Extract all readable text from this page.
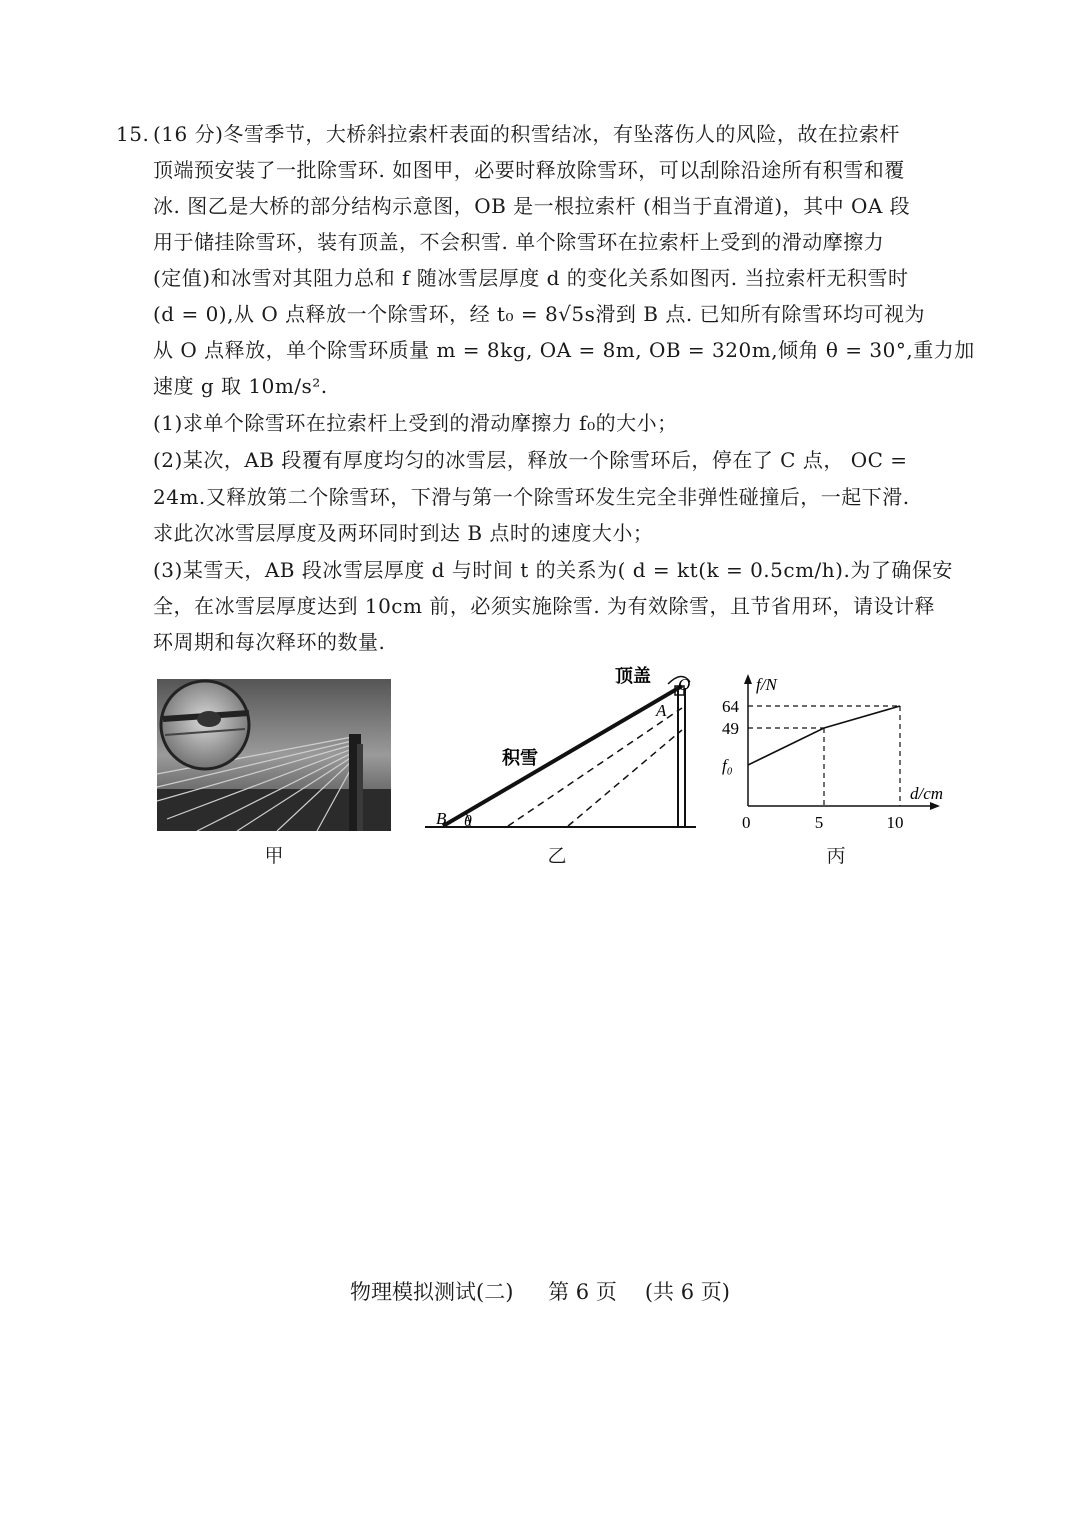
15. (16 分)冬雪季节，大桥斜拉索杆表面的积雪结冰，有坠落伤人的风险，故在拉索杆
顶端预安装了一批除雪环. 如图甲，必要时释放除雪环，可以刮除沿途所有积雪和覆
冰. 图乙是大桥的部分结构示意图，OB 是一根拉索杆 (相当于直滑道)，其中 OA 段
用于储挂除雪环，装有顶盖，不会积雪. 单个除雪环在拉索杆上受到的滑动摩擦力
(定值)和冰雪对其阻力总和 f 随冰雪层厚度 d 的变化关系如图丙. 当拉索杆无积雪时
(d = 0),从 O 点释放一个除雪环，经 t₀ = 8√5s滑到 B 点. 已知所有除雪环均可视为
从 O 点释放，单个除雪环质量 m = 8kg, OA = 8m, OB = 320m,倾角 θ = 30°,重力加
速度 g 取 10m/s².
(1)求单个除雪环在拉索杆上受到的滑动摩擦力 f₀的大小；
(2)某次，AB 段覆有厚度均匀的冰雪层，释放一个除雪环后，停在了 C 点， OC =
24m.又释放第二个除雪环，下滑与第一个除雪环发生完全非弹性碰撞后，一起下滑.
求此次冰雪层厚度及两环同时到达 B 点时的速度大小；
(3)某雪天，AB 段冰雪层厚度 d 与时间 t 的关系为( d = kt(k = 0.5cm/h).为了确保安
全，在冰雪层厚度达到 10cm 前，必须实施除雪. 为有效除雪，且节省用环，请设计释
环周期和每次释环的数量.
甲
顶盖 O
A
积雪
B θ
乙
f/N
d/cm
0	5	10
64
49
f₀
丙
物理模拟测试(二) 第 6 页 (共 6 页)
